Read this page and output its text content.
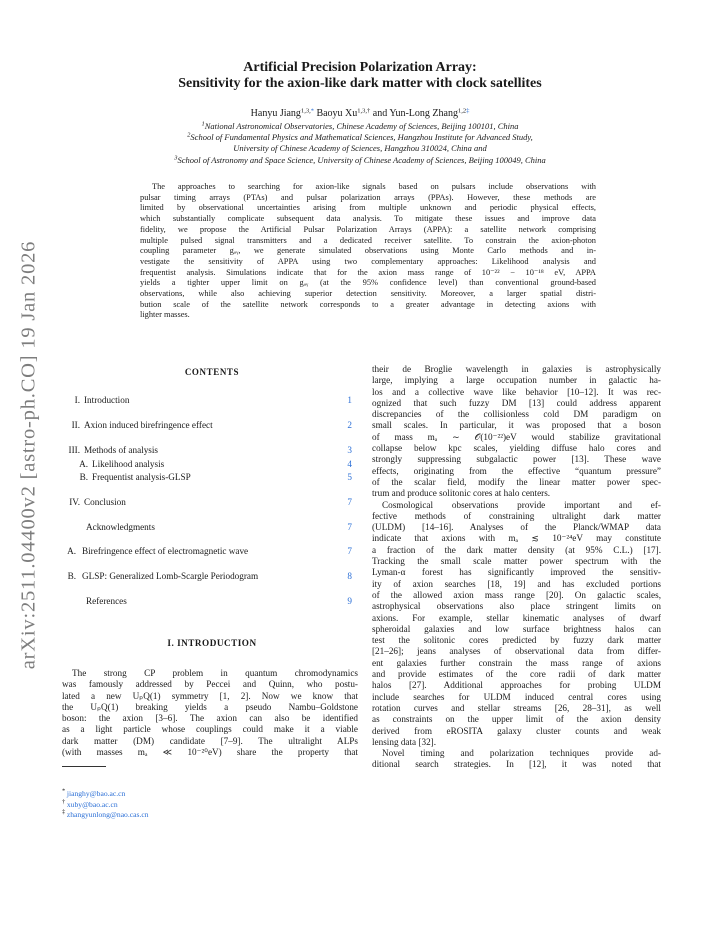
arXiv:2511.04400v2 [astro-ph.CO] 19 Jan 2026
Artificial Precision Polarization Array:
Sensitivity for the axion-like dark matter with clock satellites
Hanyu Jiang$^{1,3,*}$ Baoyu $Xu^{1,3,\dagger}$ and Yun-Long Zhang$^{1,2\ddagger}$
$^1$National Astronomical Observatories, Chinese Academy of Sciences, Beijing 100101, China
$^2$School of Fundamental Physics and Mathematical Sciences, Hangzhou Institute for Advanced Study,
University of Chinese Academy of Sciences, Hangzhou 310024, China and
$^3$School of Astronomy and Space Science, University of Chinese Academy of Sciences, Beijing 100049, China
The approaches to searching for axion-like signals based on pulsars include observations with
pulsar timing arrays (PTAs) and pulsar polarization arrays (PPAs). However, these methods are
limited by observational uncertainties arising from multiple unknown and periodic physical effects,
which substantially complicate subsequent data analysis. To mitigate these issues and improve data
fidelity, we propose the Artificial Pulsar Polarization Arrays (APPA): a satellite network comprising
multiple pulsed signal transmitters and a dedicated receiver satellite. To constrain the axion-photon
coupling parameter gₐᵧ, we generate simulated observations using Monte Carlo methods and in-
vestigate the sensitivity of APPA using two complementary approaches: Likelihood analysis and
frequentist analysis. Simulations indicate that for the axion mass range of 10⁻²² − 10⁻¹⁸ eV, APPA
yields a tighter upper limit on gₐᵧ (at the 95% confidence level) than conventional ground-based
observations, while also achieving superior detection sensitivity. Moreover, a larger spatial distri-
bution scale of the satellite network corresponds to a greater advantage in detecting axions with
lighter masses.
CONTENTS
I. Introduction	1
II. Axion induced birefringence effect	2
III. Methods of analysis	3
A. Likelihood analysis	4
B. Frequentist analysis-GLSP	5
IV. Conclusion	7
Acknowledgments	7
A. Birefringence effect of electromagnetic wave	7
B. GLSP: Generalized Lomb-Scargle Periodogram	8
References	9
I. INTRODUCTION
The strong CP problem in quantum chromodynamics
was famously addressed by Peccei and Quinn, who postu-
lated a new UₚQ(1) symmetry [1, 2]. Now we know that
the UₚQ(1) breaking yields a pseudo Nambu–Goldstone
boson: the axion [3–6]. The axion can also be identified
as a light particle whose couplings could make it a viable
dark matter (DM) candidate [7–9]. The ultralight ALPs
(with masses mₐ ≪ 10⁻²⁰eV) share the property that
their de Broglie wavelength in galaxies is astrophysically
large, implying a large occupation number in galactic ha-
los and a collective wave like behavior [10–12]. It was rec-
ognized that such fuzzy DM [13] could address apparent
discrepancies of the collisionless cold DM paradigm on
small scales. In particular, it was proposed that a boson
of mass mₐ ∼ 𝒪(10⁻²²)eV would stabilize gravitational
collapse below kpc scales, yielding diffuse halo cores and
strongly suppressing subgalactic power [13]. These wave
effects, originating from the effective “quantum pressure”
of the scalar field, modify the linear matter power spec-
trum and produce solitonic cores at halo centers.
Cosmological observations provide important and ef-
fective methods of constraining ultralight dark matter
(ULDM) [14–16]. Analyses of the Planck/WMAP data
indicate that axions with mₐ ≲ 10⁻²⁴eV may constitute
a fraction of the dark matter density (at 95% C.L.) [17].
Tracking the small scale matter power spectrum with the
Lyman-α forest has significantly improved the sensitiv-
ity of axion searches [18, 19] and has excluded portions
of the allowed axion mass range [20]. On galactic scales,
astrophysical observations also place stringent limits on
axions. For example, stellar kinematic analyses of dwarf
spheroidal galaxies and low surface brightness halos can
test the solitonic cores predicted by fuzzy dark matter
[21–26]; jeans analyses of observational data from differ-
ent galaxies further constrain the mass range of axions
and provide estimates of the core radii of dark matter
halos [27]. Additional approaches for probing ULDM
include searches for ULDM induced central cores using
rotation curves and stellar streams [26, 28–31], as well
as constraints on the upper limit of the axion density
derived from eROSITA galaxy cluster counts and weak
lensing data [32].
Novel timing and polarization techniques provide ad-
ditional search strategies. In [12], it was noted that
* jianghy@bao.ac.cn
† xuby@bao.ac.cn
‡ zhangyunlong@nao.cas.cn
